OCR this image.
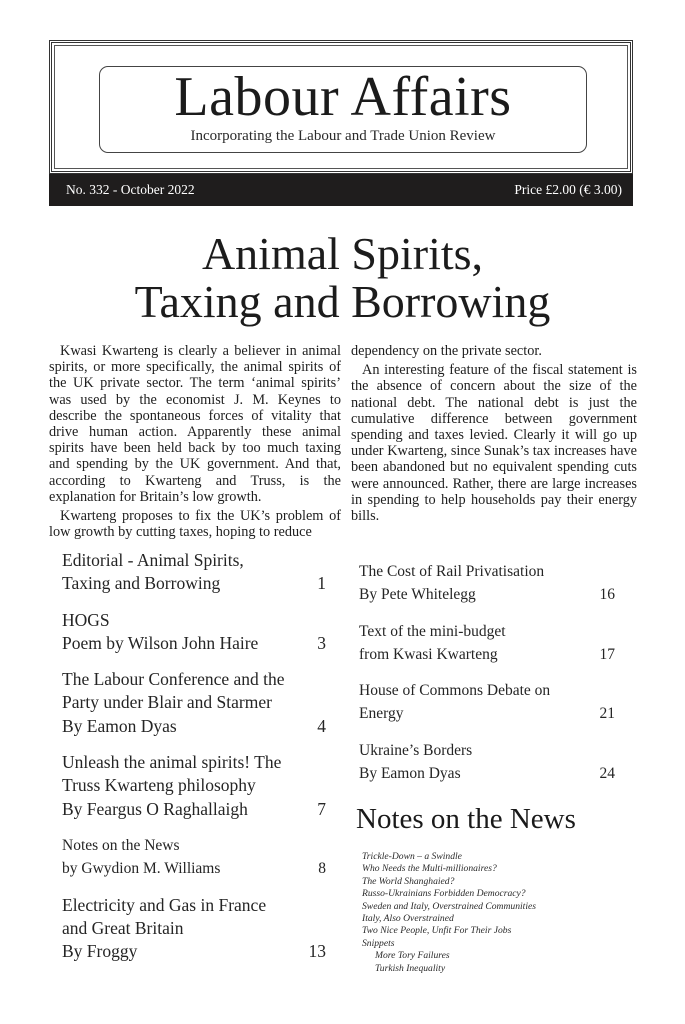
Labour Affairs
Incorporating the Labour and Trade Union Review
No. 332 - October 2022	Price £2.00 (€ 3.00)
Animal Spirits,
Taxing and Borrowing

Kwasi Kwarteng is clearly a believer in animal spirits, or more specifically, the animal spirits of the UK private sector. The term ‘animal spirits’ was used by the economist J. M. Keynes to describe the spontaneous forces of vitality that drive human action. Apparently these animal spirits have been held back by too much taxing and spending by the UK government. And that, according to Kwarteng and Truss, is the explanation for Britain’s low growth.

Kwarteng proposes to fix the UK’s problem of low growth by cutting taxes, hoping to reduce

dependency on the private sector.

An interesting feature of the fiscal statement is the absence of concern about the size of the national debt. The national debt is just the cumulative difference between government spending and taxes levied. Clearly it will go up under Kwarteng, since Sunak’s tax increases have been abandoned but no equivalent spending cuts were announced. Rather, there are large increases in spending to help households pay their energy bills.

Editorial - Animal Spirits,
Taxing and Borrowing	1
HOGS
Poem by Wilson John Haire	3
The Labour Conference and the
Party under Blair and Starmer
By Eamon Dyas	4
Unleash the animal spirits! The
Truss Kwarteng philosophy
By Feargus O Raghallaigh	7
Notes on the News
by Gwydion M. Williams	8
Electricity and Gas in France
and Great Britain
By Froggy	13
The Cost of Rail Privatisation
By Pete Whitelegg	16
Text of the mini-budget
from Kwasi Kwarteng	17
House of Commons Debate on
Energy	21
Ukraine’s Borders
By Eamon Dyas	24
Notes on the News
Trickle-Down – a Swindle
Who Needs the Multi-millionaires?
The World Shanghaied?
Russo-Ukrainians Forbidden Democracy?
Sweden and Italy, Overstrained Communities
Italy, Also Overstrained
Two Nice People, Unfit For Their Jobs
Snippets
More Tory Failures
Turkish Inequality
